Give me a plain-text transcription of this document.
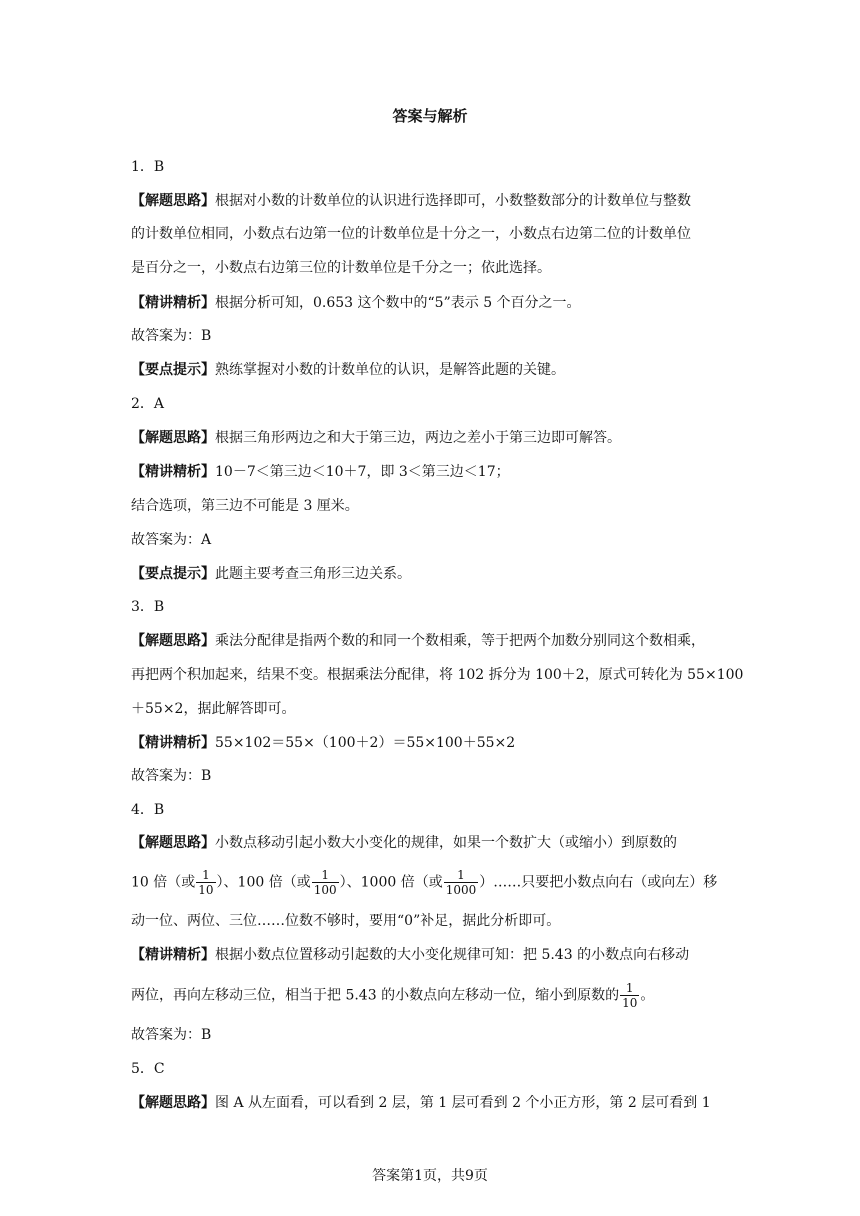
答案与解析
1．B
【解题思路】根据对小数的计数单位的认识进行选择即可，小数整数部分的计数单位与整数
的计数单位相同，小数点右边第一位的计数单位是十分之一，小数点右边第二位的计数单位
是百分之一，小数点右边第三位的计数单位是千分之一；依此选择。
【精讲精析】根据分析可知，0.653 这个数中的“5”表示 5 个百分之一。
故答案为：B
【要点提示】熟练掌握对小数的计数单位的认识，是解答此题的关键。
2．A
【解题思路】根据三角形两边之和大于第三边，两边之差小于第三边即可解答。
【精讲精析】10－7＜第三边＜10＋7，即 3＜第三边＜17；
结合选项，第三边不可能是 3 厘米。
故答案为：A
【要点提示】此题主要考查三角形三边关系。
3．B
【解题思路】乘法分配律是指两个数的和同一个数相乘，等于把两个加数分别同这个数相乘，
再把两个积加起来，结果不变。根据乘法分配律，将 102 拆分为 100＋2，原式可转化为 55×100
＋55×2，据此解答即可。
【精讲精析】55×102＝55×（100＋2）＝55×100＋55×2
故答案为：B
4．B
【解题思路】小数点移动引起小数大小变化的规律，如果一个数扩大（或缩小）到原数的
10 倍（或 $\frac{1}{10}$ ）、100 倍（或 $\frac{1}{100}$ ）、1000 倍（或 $\frac{1}{1000}$ ）……只要把小数点向右（或向左）移
动一位、两位、三位……位数不够时，要用“0”补足，据此分析即可。
【精讲精析】根据小数点位置移动引起数的大小变化规律可知：把 5.43 的小数点向右移动
两位，再向左移动三位，相当于把 5.43 的小数点向左移动一位，缩小到原数的 $\frac{1}{10}$ 。
故答案为：B
5．C
【解题思路】图 A 从左面看，可以看到 2 层，第 1 层可看到 2 个小正方形，第 2 层可看到 1
答案第1页，共9页
